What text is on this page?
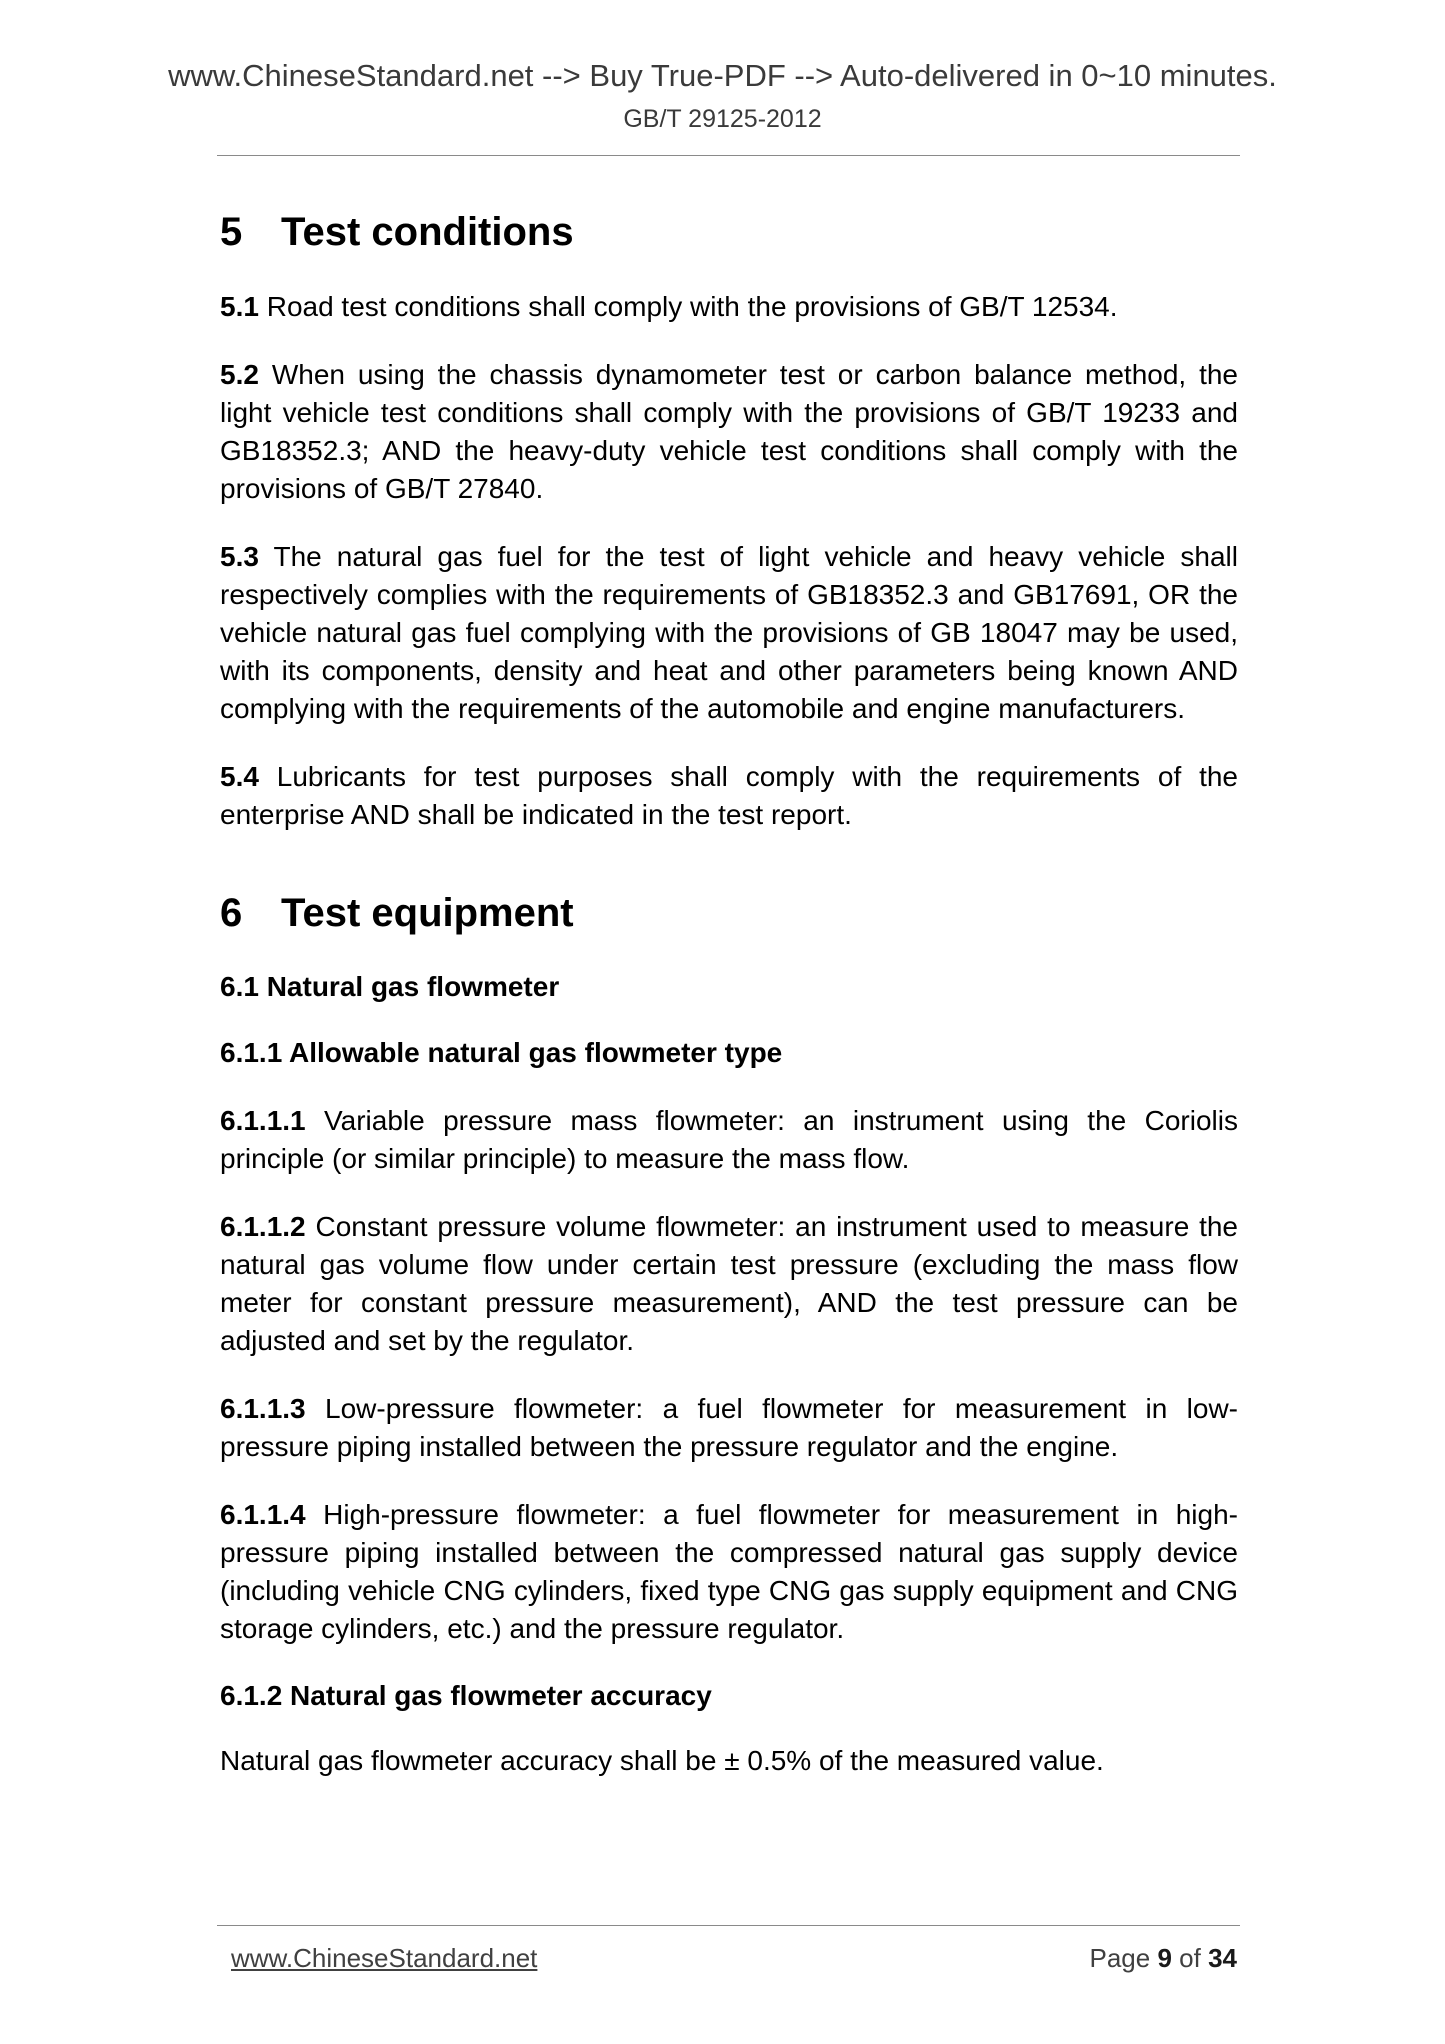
www.ChineseStandard.net --> Buy True-PDF --> Auto-delivered in 0~10 minutes.
GB/T 29125-2012
5 Test conditions

5.1 Road test conditions shall comply with the provisions of GB/T 12534.

5.2 When using the chassis dynamometer test or carbon balance method, the light vehicle test conditions shall comply with the provisions of GB/T 19233 and GB18352.3; AND the heavy-duty vehicle test conditions shall comply with the provisions of GB/T 27840.

5.3 The natural gas fuel for the test of light vehicle and heavy vehicle shall respectively complies with the requirements of GB18352.3 and GB17691, OR the vehicle natural gas fuel complying with the provisions of GB 18047 may be used, with its components, density and heat and other parameters being known AND complying with the requirements of the automobile and engine manufacturers.

5.4 Lubricants for test purposes shall comply with the requirements of the enterprise AND shall be indicated in the test report.

6 Test equipment
6.1 Natural gas flowmeter
6.1.1 Allowable natural gas flowmeter type

6.1.1.1 Variable pressure mass flowmeter: an instrument using the Coriolis principle (or similar principle) to measure the mass flow.

6.1.1.2 Constant pressure volume flowmeter: an instrument used to measure the natural gas volume flow under certain test pressure (excluding the mass flow meter for constant pressure measurement), AND the test pressure can be adjusted and set by the regulator.

6.1.1.3 Low-pressure flowmeter: a fuel flowmeter for measurement in low-pressure piping installed between the pressure regulator and the engine.

6.1.1.4 High-pressure flowmeter: a fuel flowmeter for measurement in high-pressure piping installed between the compressed natural gas supply device (including vehicle CNG cylinders, fixed type CNG gas supply equipment and CNG storage cylinders, etc.) and the pressure regulator.

6.1.2 Natural gas flowmeter accuracy

Natural gas flowmeter accuracy shall be ± 0.5% of the measured value.

www.ChineseStandard.net	Page 9 of 34
